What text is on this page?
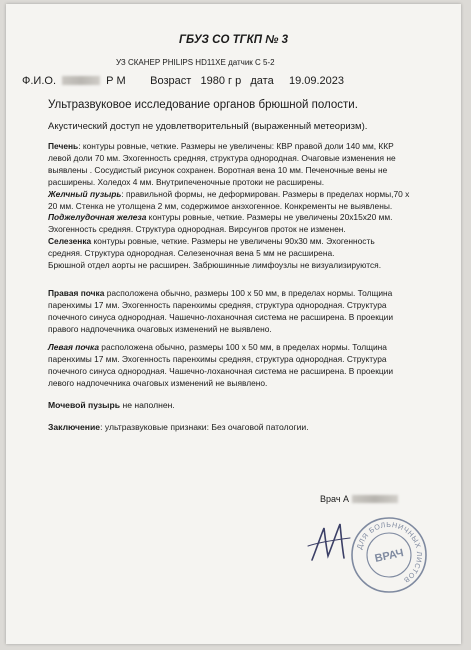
ГБУЗ СО ТГКП № 3
УЗ СКАНЕР PHILIPS HD11XE датчик С 5-2
Ф.И.О.	Р М Возраст 1980 г р дата 19.09.2023
Ультразвуковое исследование органов брюшной полости.
Акустический доступ не удовлетворительный (выраженный метеоризм).
Печень: контуры ровные, четкие. Размеры не увеличены: КВР правой доли 140 мм, ККР
левой доли 70 мм. Эхогенность средняя, структура однородная. Очаговые изменения не
выявлены . Сосудистый рисунок сохранен. Воротная вена 10 мм. Печеночные вены не
расширены. Холедох 4 мм. Внутрипеченочные протоки не расширены.
Желчный пузырь: правильной формы, не деформирован. Размеры в пределах нормы,70 х
20 мм. Стенка не утолщена 2 мм, содержимое анэхогенное. Конкременты не выявлены.
Поджелудочная железа контуры ровные, четкие. Размеры не увеличены 20х15х20 мм.
Эхогенность средняя. Структура однородная. Вирсунгов проток не изменен.
Селезенка контуры ровные, четкие. Размеры не увеличены 90х30 мм. Эхогенность
средняя. Структура однородная. Селезеночная вена 5 мм не расширена.
Брюшной отдел аорты не расширен. Забрюшинные лимфоузлы не визуализируются.
Правая почка расположена обычно, размеры 100 х 50 мм, в пределах нормы. Толщина
паренхимы 17 мм. Эхогенность паренхимы средняя, структура однородная. Структура
почечного синуса однородная. Чашечно-лоханочная система не расширена. В проекции
правого надпочечника очаговых изменений не выявлено.
Левая почка расположена обычно, размеры 100 х 50 мм, в пределах нормы. Толщина
паренхимы 17 мм. Эхогенность паренхимы средняя, структура однородная. Структура
почечного синуса однородная. Чашечно-лоханочная система не расширена. В проекции
левого надпочечника очаговых изменений не выявлено.
Мочевой пузырь не наполнен.
Заключение: ультразвуковые признаки: Без очаговой патологии.
Врач А
ДЛЯ БОЛЬНИЧНЫХ ЛИСТОВ
ВРАЧ
